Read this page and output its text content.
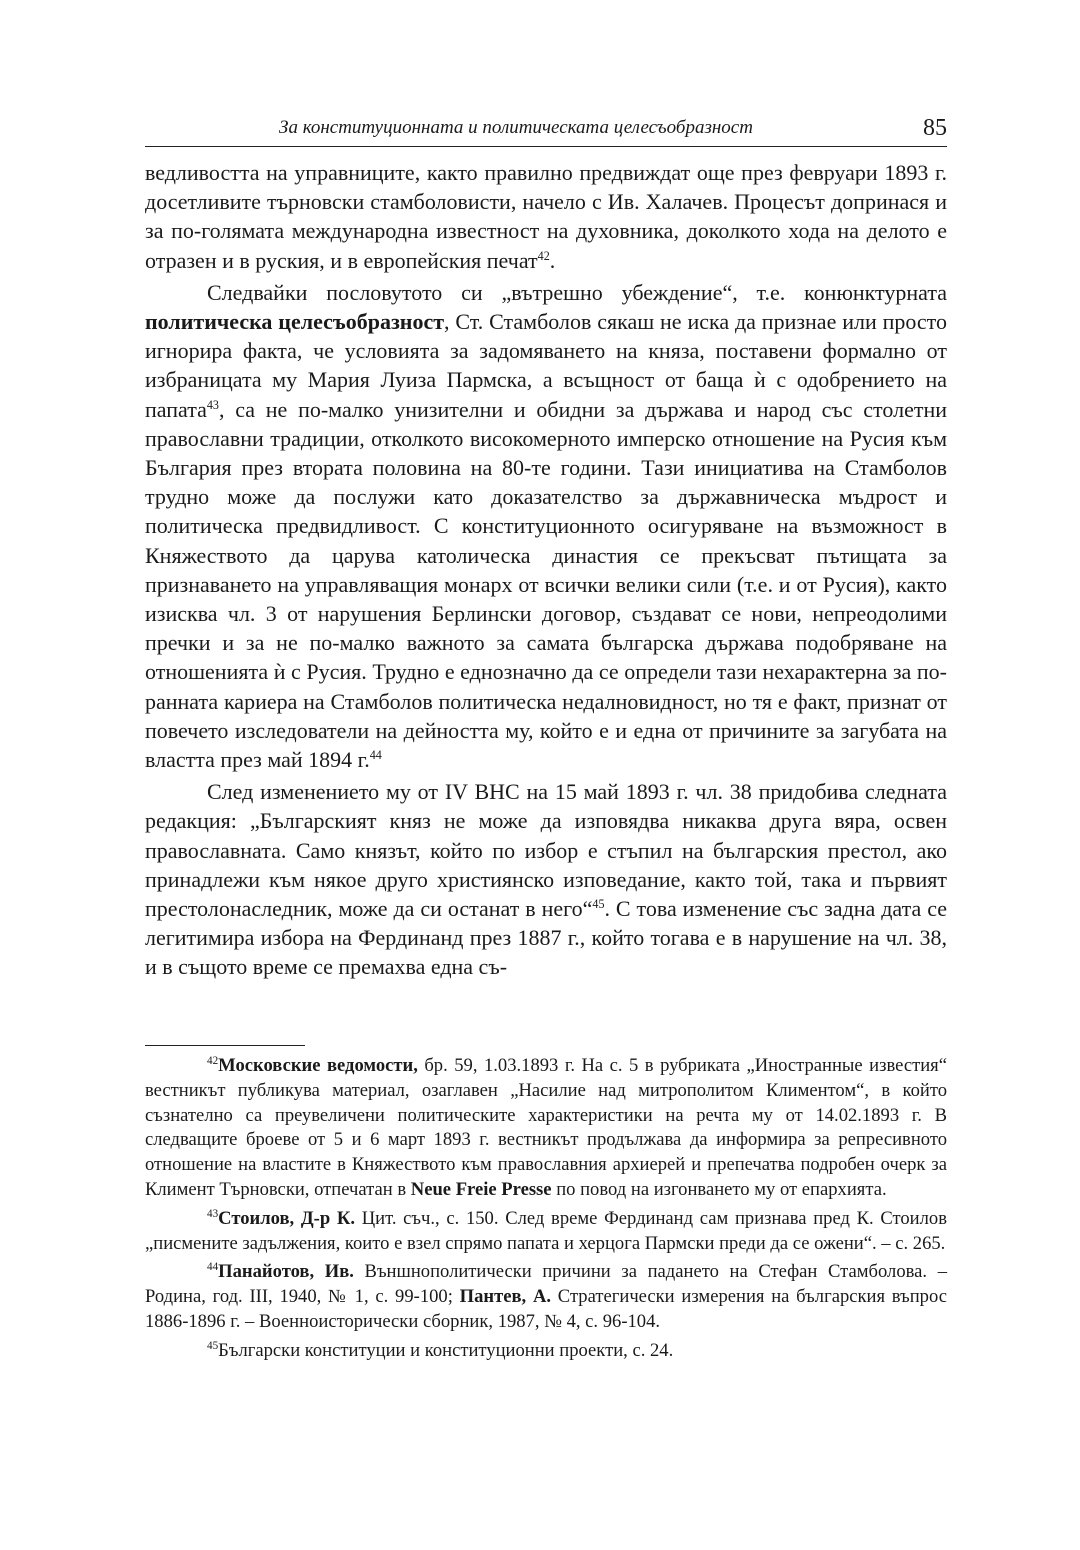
За конституционната и политическата целесъобразност	85

ведливостта на управниците, както правилно предвиждат още през февруари 1893 г. досетливите търновски стамболовисти, начело с Ив. Халачев. Процесът допринася и за по-голямата международна известност на духовника, доколкото хода на делото е отразен и в руския, и в европейския печат$^{42}$.

Следвайки пословутото си „вътрешно убеждение“, т.е. конюнктурната политическа целесъобразност, Ст. Стамболов сякаш не иска да признае или просто игнорира факта, че условията за задомяването на княза, поставени формално от избраницата му Мария Луиза Пармска, а всъщност от баща ѝ с одобрението на папата$^{43}$, са не по-малко унизителни и обидни за държава и народ със столетни православни традиции, отколкото високомерното имперско отношение на Русия към България през втората половина на 80-те години. Тази инициатива на Стамболов трудно може да послужи като доказателство за държавническа мъдрост и политическа предвидливост. С конституционното осигуряване на възможност в Княжеството да царува католическа династия се прекъсват пътищата за признаването на управляващия монарх от всички велики сили (т.е. и от Русия), както изисква чл. 3 от нарушения Берлински договор, създават се нови, непреодолими пречки и за не по-малко важното за самата българска държава подобряване на отношенията ѝ с Русия. Трудно е еднозначно да се определи тази нехарактерна за по-ранната кариера на Стамболов политическа недалновидност, но тя е факт, признат от повечето изследователи на дейността му, който е и една от причините за загубата на властта през май 1894 г.$^{44}$

След изменението му от IV ВНС на 15 май 1893 г. чл. 38 придобива следната редакция: „Българският княз не може да изповядва никаква друга вяра, освен православната. Само князът, който по избор е стъпил на българския престол, ако принадлежи към някое друго християнско изповедание, както той, така и първият престолонаследник, може да си останат в него“$^{45}$. С това изменение със задна дата се легитимира избора на Фердинанд през 1887 г., който тогава е в нарушение на чл. 38, и в същото време се премахва една съ-

$^{42}$Московские ведомости, бр. 59, 1.03.1893 г. На с. 5 в рубриката „Иностранные известия“ вестникът публикува материал, озаглавен „Насилие над митрополитом Климентом“, в който съзнателно са преувеличени политическите характеристики на речта му от 14.02.1893 г. В следващите броеве от 5 и 6 март 1893 г. вестникът продължава да информира за репресивното отношение на властите в Княжеството към православния архиерей и препечатва подробен очерк за Климент Търновски, отпечатан в Neue Freie Presse по повод на изгонването му от епархията.

$^{43}$Стоилов, Д-р К. Цит. съч., с. 150. След време Фердинанд сам признава пред К. Стоилов „писмените задължения, които е взел спрямо папата и херцога Пармски преди да се ожени“. – с. 265.

$^{44}$Панайотов, Ив. Външнополитически причини за падането на Стефан Стамболова. – Родина, год. III, 1940, № 1, с. 99-100; Пантев, А. Стратегически измерения на българския въпрос 1886-1896 г. – Военноисторически сборник, 1987, № 4, с. 96-104.

$^{45}$Български конституции и конституционни проекти, с. 24.
